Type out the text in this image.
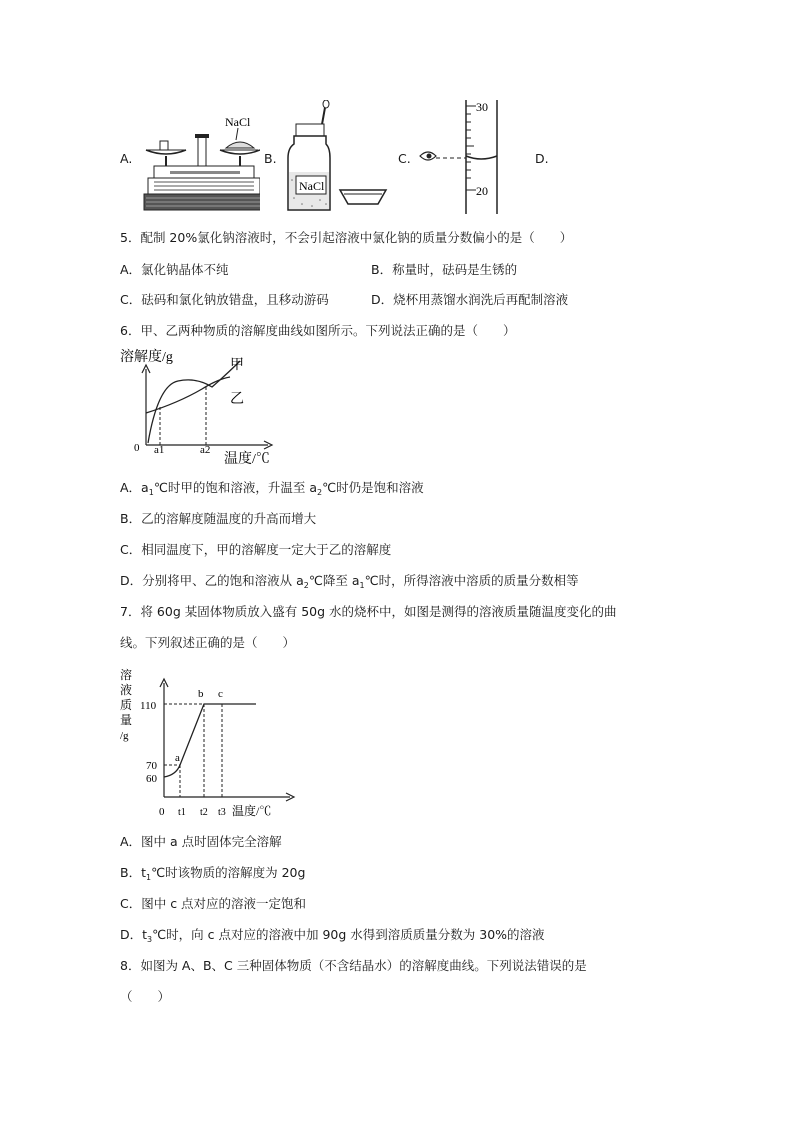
A.
NaCl
B.
NaCl
C.
30
20
D.
5．配制 20%氯化钠溶液时，不会引起溶液中氯化钠的质量分数偏小的是（　　）
A．氯化钠晶体不纯	B．称量时，砝码是生锈的
C．砝码和氯化钠放错盘，且移动游码	D．烧杯用蒸馏水润洗后再配制溶液
6．甲、乙两种物质的溶解度曲线如图所示。下列说法正确的是（　　）
溶解度/g
甲
乙
0 a1	a2
温度/℃
A．$a_1℃$时甲的饱和溶液，升温至 $a_2℃$时仍是饱和溶液
B．乙的溶解度随温度的升高而增大
C．相同温度下，甲的溶解度一定大于乙的溶解度
D．分别将甲、乙的饱和溶液从 $a_2℃$降至 $a_1℃$时，所得溶液中溶质的质量分数相等
7．将 60g 某固体物质放入盛有 50g 水的烧杯中，如图是测得的溶液质量随温度变化的曲
线。下列叙述正确的是（　　）
溶
液
质
量
/g
110
70
60
a
b c
0 t1 t2 t3 温度/℃
A．图中 a 点时固体完全溶解
B．$t_1℃$时该物质的溶解度为 20g
C．图中 c 点对应的溶液一定饱和
D．$t_3℃$时，向 c 点对应的溶液中加 90g 水得到溶质质量分数为 30%的溶液
8．如图为 A、B、C 三种固体物质（不含结晶水）的溶解度曲线。下列说法错误的是
（　　）
